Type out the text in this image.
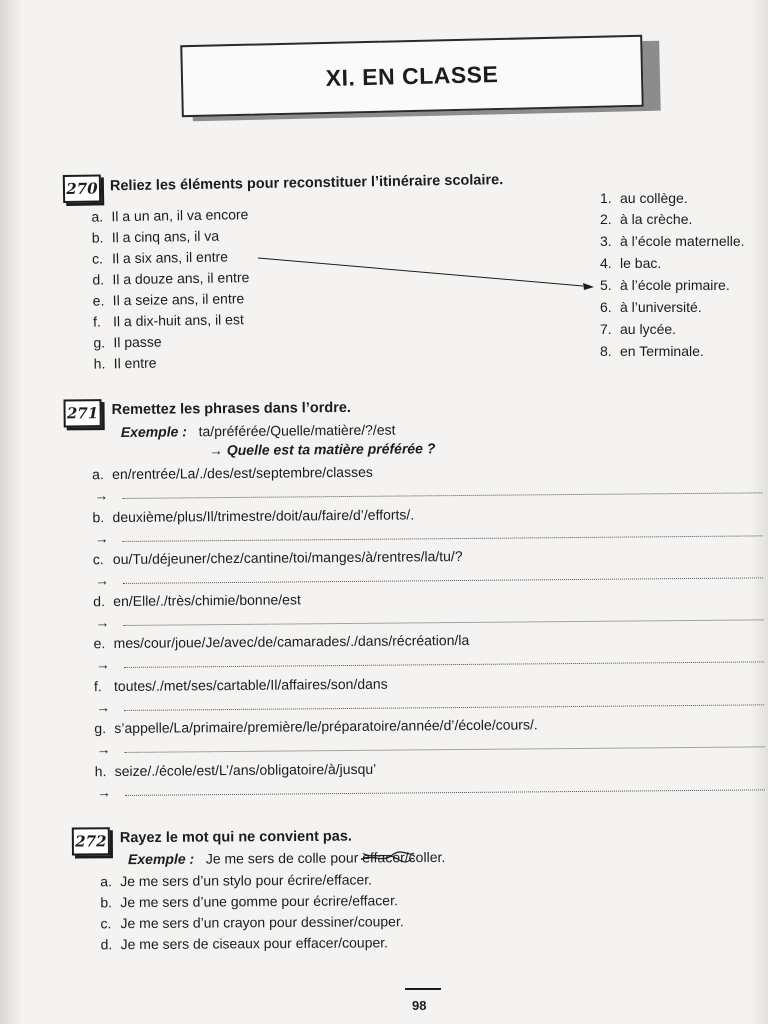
XI. EN CLASSE
270 Reliez les éléments pour reconstituer l’itinéraire scolaire.
a. Il a un an, il va encore
b. Il a cinq ans, il va
c. Il a six ans, il entre
d. Il a douze ans, il entre
e. Il a seize ans, il entre
f. Il a dix-huit ans, il est
g. Il passe
h. Il entre
1. au collège.
2. à la crèche.
3. à l’école maternelle.
4. le bac.
5. à l’école primaire.
6. à l’université.
7. au lycée.
8. en Terminale.
271 Remettez les phrases dans l’ordre.
Exemple : ta/préférée/Quelle/matière/?/est
→ Quelle est ta matière préférée ?
a. en/rentrée/La/./des/est/septembre/classes
→
b. deuxième/plus/Il/trimestre/doit/au/faire/d’/efforts/.
→
c. ou/Tu/déjeuner/chez/cantine/toi/manges/à/rentres/la/tu/?
→
d. en/Elle/./très/chimie/bonne/est
→
e. mes/cour/joue/Je/avec/de/camarades/./dans/récréation/la
→
f. toutes/./met/ses/cartable/Il/affaires/son/dans
→
g. s’appelle/La/primaire/première/le/préparatoire/année/d’/école/cours/.
→
h. seize/./école/est/L’/ans/obligatoire/à/jusqu’
→
272 Rayez le mot qui ne convient pas.
Exemple : Je me sers de colle pour effacer
/coller.
a. Je me sers d’un stylo pour écrire/effacer.
b. Je me sers d’une gomme pour écrire/effacer.
c. Je me sers d’un crayon pour dessiner/couper.
d. Je me sers de ciseaux pour effacer/couper.
98
